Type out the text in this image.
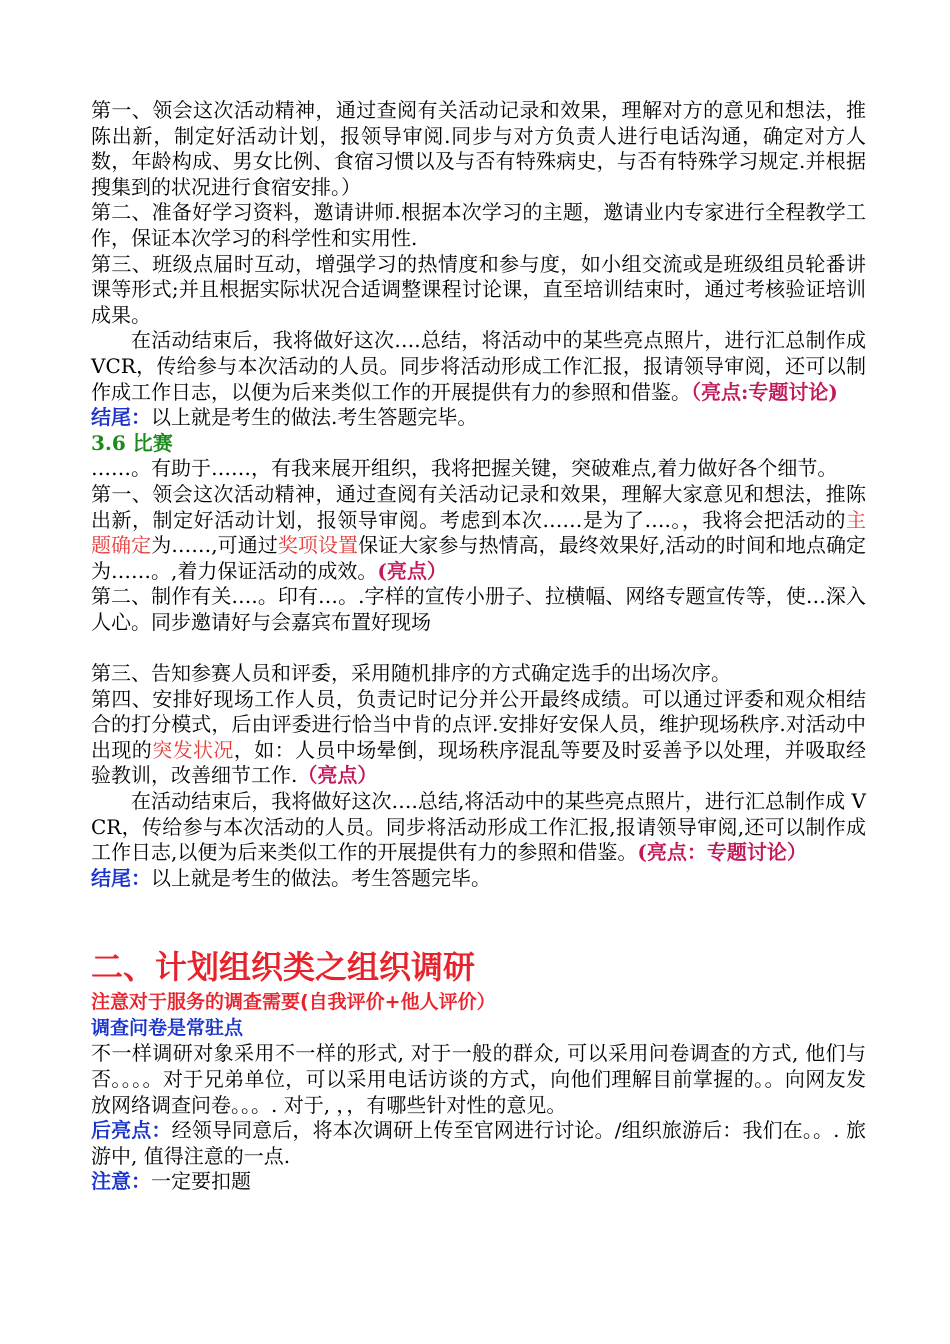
第一、领会这次活动精神，通过查阅有关活动记录和效果，理解对方的意见和想法，推陈出新，制定好活动计划，报领导审阅.同步与对方负责人进行电话沟通，确定对方人数，年龄构成、男女比例、食宿习惯以及与否有特殊病史，与否有特殊学习规定.并根据搜集到的状况进行食宿安排。）

第二、准备好学习资料，邀请讲师.根据本次学习的主题，邀请业内专家进行全程教学工作，保证本次学习的科学性和实用性.

第三、班级点届时互动，增强学习的热情度和参与度，如小组交流或是班级组员轮番讲课等形式;并且根据实际状况合适调整课程讨论课，直至培训结束时，通过考核验证培训成果。

在活动结束后，我将做好这次….总结，将活动中的某些亮点照片，进行汇总制作成 VCR，传给参与本次活动的人员。同步将活动形成工作汇报，报请领导审阅，还可以制作成工作日志，以便为后来类似工作的开展提供有力的参照和借鉴。（亮点:专题讨论)

结尾：以上就是考生的做法.考生答题完毕。

3.6 比赛

……。有助于……，有我来展开组织，我将把握关键，突破难点,着力做好各个细节。

第一、领会这次活动精神，通过查阅有关活动记录和效果，理解大家意见和想法，推陈出新，制定好活动计划，报领导审阅。考虑到本次……是为了….。，我将会把活动的主题确定为……,可通过奖项设置保证大家参与热情高，最终效果好,活动的时间和地点确定为……。,着力保证活动的成效。(亮点）

第二、制作有关….。印有…。.字样的宣传小册子、拉横幅、网络专题宣传等，使…深入人心。同步邀请好与会嘉宾布置好现场

第三、告知参赛人员和评委，采用随机排序的方式确定选手的出场次序。

第四、安排好现场工作人员，负责记时记分并公开最终成绩。可以通过评委和观众相结合的打分模式，后由评委进行恰当中肯的点评.安排好安保人员，维护现场秩序.对活动中出现的突发状况，如：人员中场晕倒，现场秩序混乱等要及时妥善予以处理，并吸取经验教训，改善细节工作.（亮点）

在活动结束后，我将做好这次….总结,将活动中的某些亮点照片，进行汇总制作成 VCR，传给参与本次活动的人员。同步将活动形成工作汇报,报请领导审阅,还可以制作成工作日志,以便为后来类似工作的开展提供有力的参照和借鉴。(亮点：专题讨论）

结尾：以上就是考生的做法。考生答题完毕。

二、计划组织类之组织调研

注意对于服务的调查需要(自我评价+他人评价）

调查问卷是常驻点

不一样调研对象采用不一样的形式, 对于一般的群众, 可以采用问卷调查的方式, 他们与否。。。。对于兄弟单位，可以采用电话访谈的方式，向他们理解目前掌握的。。向网友发放网络调查问卷。。。. 对于, ，，有哪些针对性的意见。

后亮点：经领导同意后，将本次调研上传至官网进行讨论。/组织旅游后：我们在。。. 旅游中, 值得注意的一点.

注意：一定要扣题
